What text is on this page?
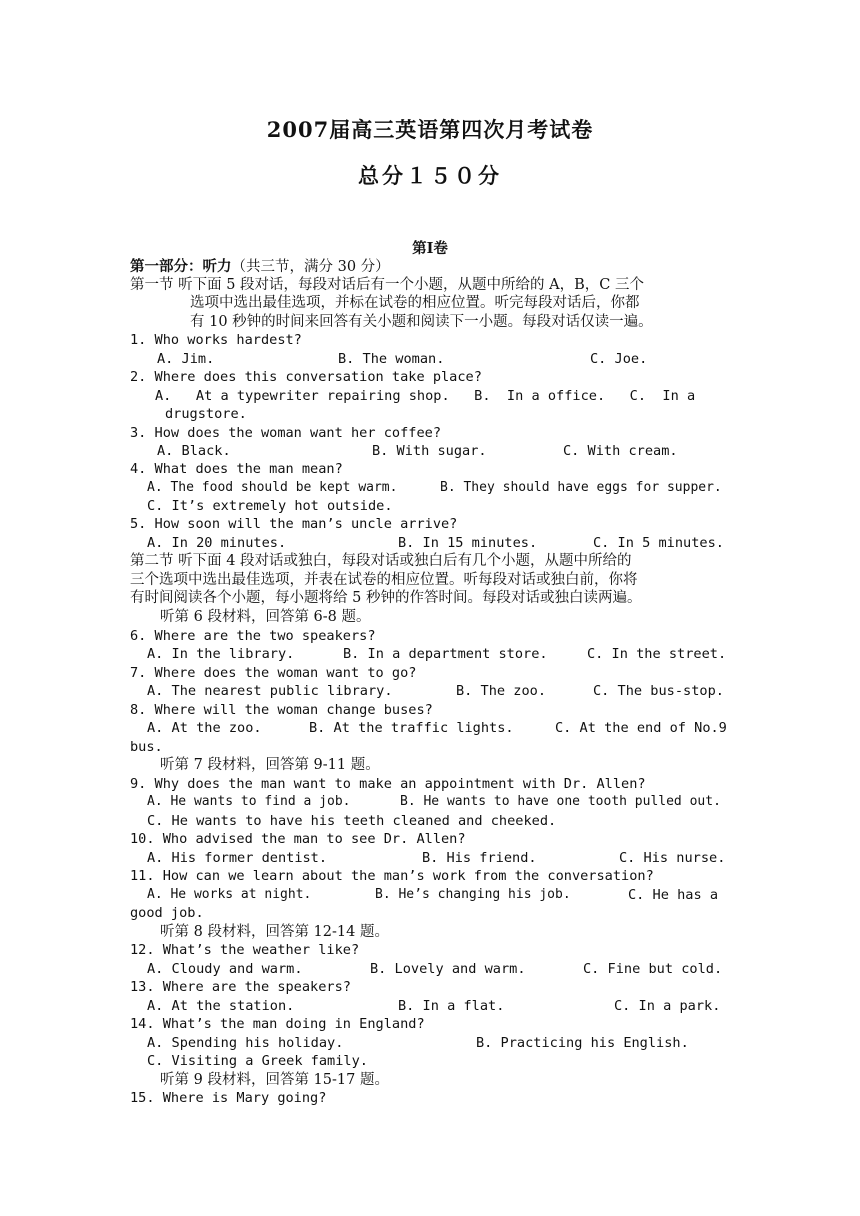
2007届高三英语第四次月考试卷
总分１５０分
第Ⅰ卷
第一部分：听力（共三节，满分 30 分）
第一节 听下面 5 段对话，每段对话后有一个小题，从题中所给的 A，B，C 三个
选项中选出最佳选项，并标在试卷的相应位置。听完每段对话后，你都
有 10 秒钟的时间来回答有关小题和阅读下一小题。每段对话仅读一遍。
1. Who works hardest?
A. Jim.	B. The woman.	C. Joe.
2. Where does this conversation take place?
A.   At a typewriter repairing shop.   B.  In a office.   C.  In a
drugstore.
3. How does the woman want her coffee?
A. Black.	B. With sugar.	C. With cream.
4. What does the man mean?
A. The food should be kept warm.	B. They should have eggs for supper.
C. It’s extremely hot outside.
5. How soon will the man’s uncle arrive?
A. In 20 minutes.	B. In 15 minutes.	C. In 5 minutes.
第二节 听下面 4 段对话或独白，每段对话或独白后有几个小题，从题中所给的
三个选项中选出最佳选项，并表在试卷的相应位置。听每段对话或独白前，你将
有时间阅读各个小题，每小题将给 5 秒钟的作答时间。每段对话或独白读两遍。
听第 6 段材料，回答第 6-8 题。
6. Where are the two speakers?
A. In the library.	B. In a department store.	C. In the street.
7. Where does the woman want to go?
A. The nearest public library.	B. The zoo.	C. The bus-stop.
8. Where will the woman change buses?
A. At the zoo.	B. At the traffic lights.	C. At the end of No.9
bus.
听第 7 段材料，回答第 9-11 题。
9. Why does the man want to make an appointment with Dr. Allen?
A. He wants to find a job.	B. He wants to have one tooth pulled out.
C. He wants to have his teeth cleaned and cheeked.
10. Who advised the man to see Dr. Allen?
A. His former dentist.	B. His friend.	C. His nurse.
11. How can we learn about the man’s work from the conversation?
A. He works at night.	B. He’s changing his job.	C. He has a
good job.
听第 8 段材料，回答第 12-14 题。
12. What’s the weather like?
A. Cloudy and warm.	B. Lovely and warm.	C. Fine but cold.
13. Where are the speakers?
A. At the station.	B. In a flat.	C. In a park.
14. What’s the man doing in England?
A. Spending his holiday.	B. Practicing his English.
C. Visiting a Greek family.
听第 9 段材料，回答第 15-17 题。
15. Where is Mary going?
